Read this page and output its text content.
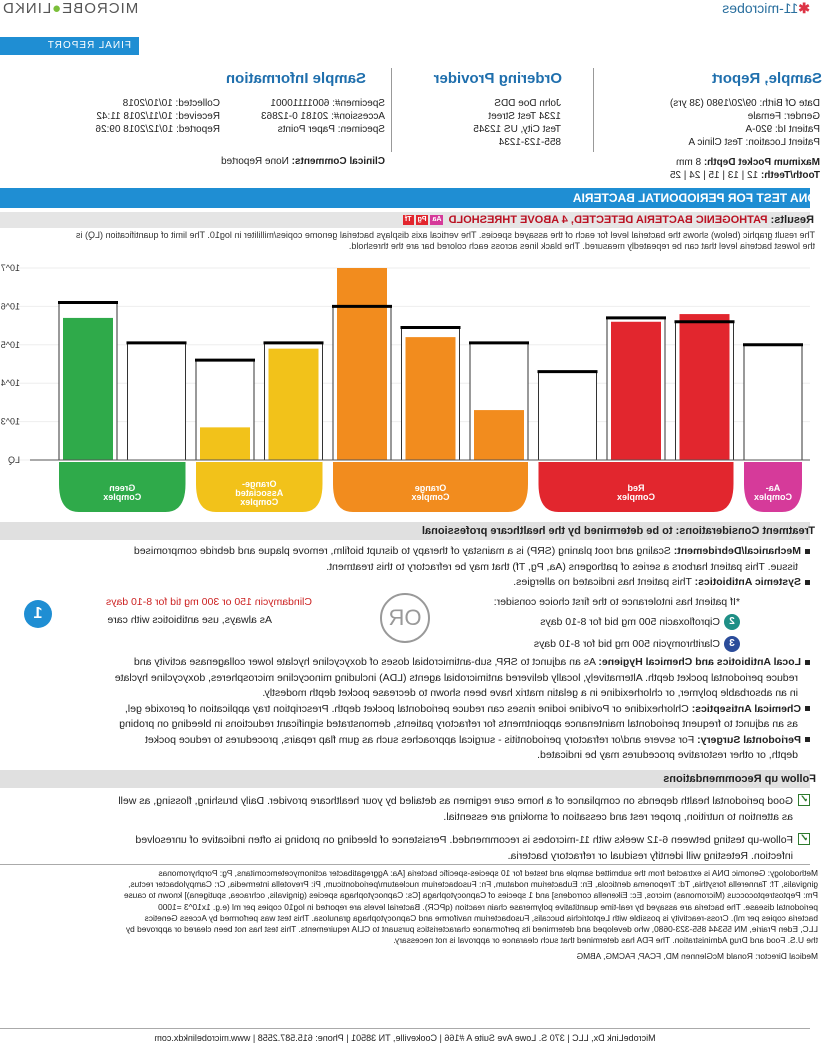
MICROBE●LINKD	✱11-microbes
FINAL REPORT
Sample, Report
Date Of Birth: 09/20/1980 (38 yrs)
Gender: Female
Patient Id: 920-A
Patient Location: Test Clinic A
Maximum Pocket Depth: 8 mm
Tooth/Teeth: 12 | 13 | 15 | 24 | 25
Ordering Provider
John Doe DDS
1234 Test Street
Test City, US 12345
855-123-1234
Sample Information
Specimen#: 60011110001
Accession#: 20181 0-12863
Specimen: Paper Points
Collected: 10/10/2018
Received: 10/11/2018 11:42
Reported: 10/12/2018 09:26
Clinical Comments: None Reported
DNA TEST FOR PERIODONTAL BACTERIA
Results: PATHOGENIC BACTERIA DETECTED, 4 ABOVE THRESHOLD AaPgTf
The result graphic (below) shows the bacterial level for each of the assayed species. The vertical axis displays bacterial genome copies/milliliter in log10. The limit of quantification (LQ) is
the lowest bacteria level that can be repeatedly measured. The black lines across each colored bar are the threshold.
LQ
10^3
10^4
10^5
10^6
10^7
Aa-
Complex
Red
Complex
Orange
Complex
Orange-
Associated
Complex
Green
Complex
Treatment Considerations: to be determined by the healthcare professional
Mechanical/Debridement: Scaling and root planing (SRP) is a mainstay of therapy to disrupt biofilm, remove plaque and debride compromised
tissue. This patient harbors a series of pathogens (Aa, Pg, Tf) that may be refractory to this treatment.
Systemic Antibiotics: This patient has indicated no allergies.
1
Clindamycin 150 or 300 mg tid for 8-10 days
As always, use antibiotics with care	OR
*If patient has intolerance to the first choice consider:
2Ciprofloxacin 500 mg bid for 8-10 days
3Clarithromycin 500 mg bid for 8-10 days
Local Antibiotics and Chemical Hygiene: As an adjunct to SRP, sub-antimicrobial doses of doxycycline hyclate lower collagenase activity and
reduce periodontal pocket depth. Alternatively, locally delivered antimicrobial agents (LDA) including minocycline microspheres, doxycycline hyclate
in an absorbable polymer, or chlorhexidine in a gelatin matrix have been shown to decrease pocket depth modestly.
Chemical Antiseptics: Chlorhexidine or Povidine iodine rinses can reduce periodontal pocket depth. Prescription tray application of peroxide gel,
as an adjunct to frequent periodontal maintenance appointments for refractory patients, demonstrated significant reductions in bleeding on probing
Periodontal Surgery: For severe and/or refractory periodontitis - surgical approaches such as gum flap repairs, procedures to reduce pocket
depth, or other restorative procedures may be indicated.
Follow up Recommendations
✓Good periodontal health depends on compliance of a home care regimen as detailed by your healthcare provider. Daily brushing, flossing, as well
as attention to nutrition, proper rest and cessation of smoking are essential.
✓Follow-up testing between 6-12 weeks with 11-microbes is recommended. Persistence of bleeding on probing is often indicative of unresolved
infection. Retesting will identify residual or refractory bacteria.
Methodology: Genomic DNA is extracted from the submitted sample and tested for 10 species-specific bacteria [Aa: Aggregatibacter actinomycetemcomitans, Pg: Porphyromonas
gingivalis, Tf: Tannerella forsythia, Td: Treponema denticola, En: Eubacterium nodatum, Fn: Fusobacterium nucleatum/periodonticum, Pi: Prevotella intermedia, Cr: Campylobacter rectus,
Pm: Peptostreptococcus (Micromonas) micros, Ec: Eikenella corrodens] and 1 species of Capnocytophaga [Cs: Capnocytophaga species (gingivalis, ochracea, sputigena)] known to cause
periodontal disease. The bacteria are assayed by real-time quantitative polymerase chain reaction (qPCR). Bacterial levels are reported in log10 copies per ml (e.g. 1x10^3 =1000
bacteria copies per ml). Cross-reactivity is possible with Leptotrichia buccalis, Fusobacterium naviforme and Capnocytophaga granulosa. This test was performed by Access Genetics
LLC, Eden Prairie, MN 55344 855-323-0680, who developed and determined its performance characteristics pursuant to CLIA requirements. This test has not been cleared or approved by
the U.S. Food and Drug Administration. The FDA has determined that such clearance or approval is not necessary.
Medical Director: Ronald McGlennen MD, FCAP, FACMG, ABMG
MicrobeLink Dx, LLC | 370 S. Lowe Ave Suite A #166 | Cookeville, TN 38501 | Phone: 615.587.2558 | www.microbelinkdx.com
